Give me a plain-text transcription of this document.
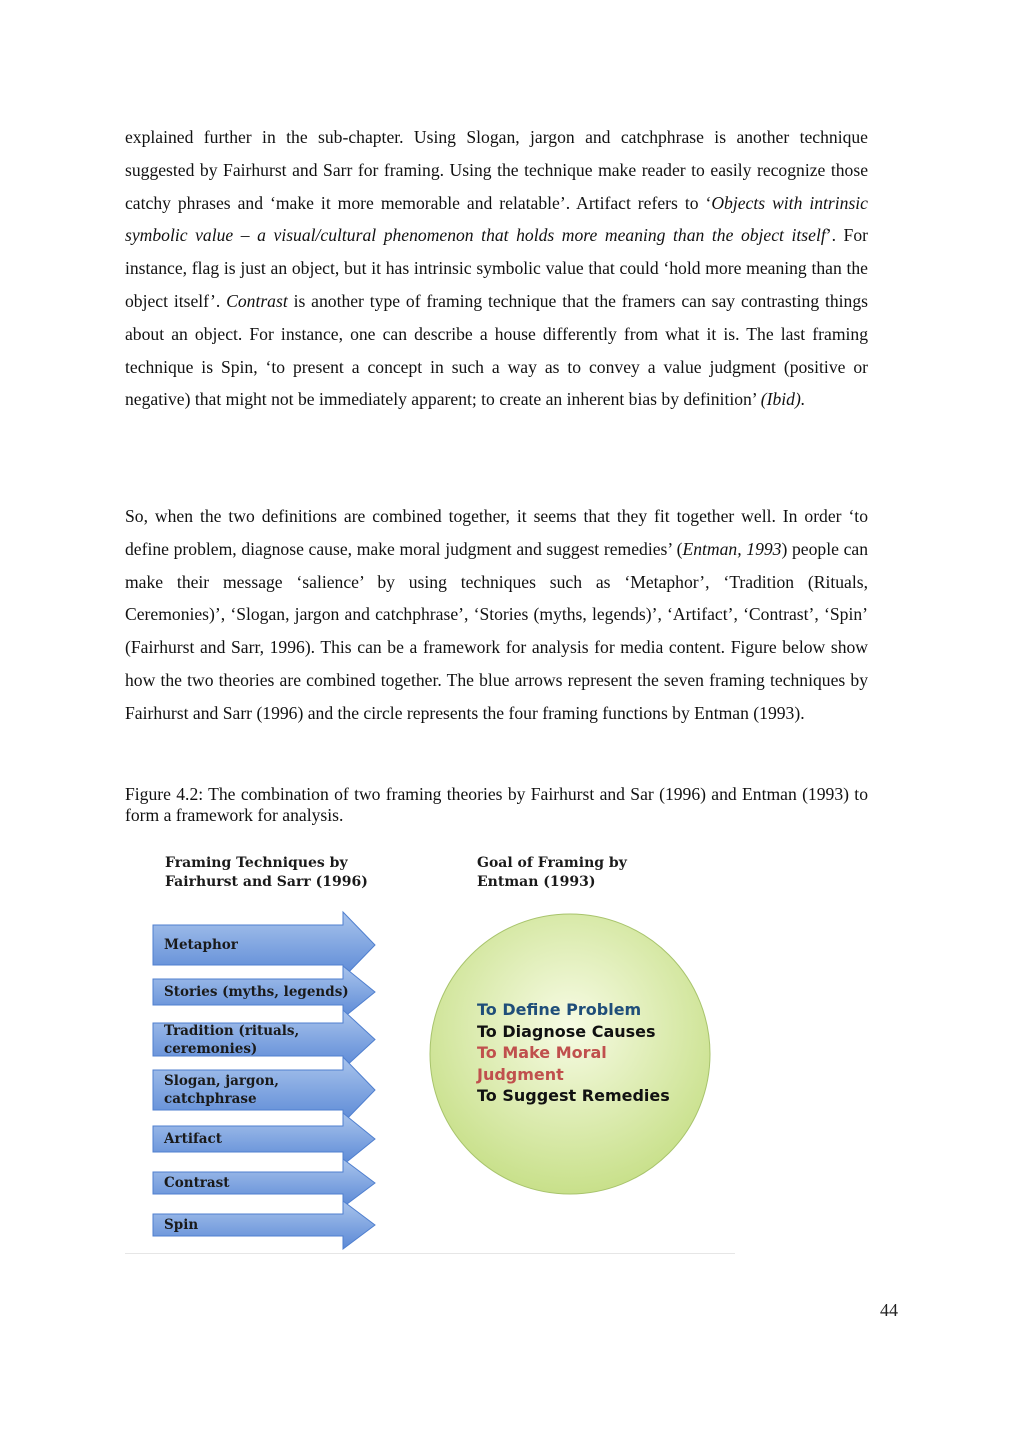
explained further in the sub-chapter. Using Slogan, jargon and catchphrase is another technique suggested by Fairhurst and Sarr for framing. Using the technique make reader to easily recognize those catchy phrases and ‘make it more memorable and relatable’. Artifact refers to ‘Objects with intrinsic symbolic value – a visual/cultural phenomenon that holds more meaning than the object itself’. For instance, flag is just an object, but it has intrinsic symbolic value that could ‘hold more meaning than the object itself’. Contrast is another type of framing technique that the framers can say contrasting things about an object. For instance, one can describe a house differently from what it is. The last framing technique is Spin, ‘to present a concept in such a way as to convey a value judgment (positive or negative) that might not be immediately apparent; to create an inherent bias by definition’ (Ibid).

So, when the two definitions are combined together, it seems that they fit together well. In order ‘to define problem, diagnose cause, make moral judgment and suggest remedies’ (Entman, 1993) people can make their message ‘salience’ by using techniques such as ‘Metaphor’, ‘Tradition (Rituals, Ceremonies)’, ‘Slogan, jargon and catchphrase’, ‘Stories (myths, legends)’, ‘Artifact’, ‘Contrast’, ‘Spin’ (Fairhurst and Sarr, 1996). This can be a framework for analysis for media content. Figure below show how the two theories are combined together. The blue arrows represent the seven framing techniques by Fairhurst and Sarr (1996) and the circle represents the four framing functions by Entman (1993).

Figure 4.2: The combination of two framing theories by Fairhurst and Sar (1996) and Entman (1993) to form a framework for analysis.

Framing Techniques by
Fairhurst and Sarr (1996)
Goal of Framing by
Entman (1993)
Metaphor
Stories (myths, legends)
Tradition (rituals,
ceremonies)
Slogan, jargon,
catchphrase
Artifact
Contrast
Spin
To Define Problem
To Diagnose Causes
To Make Moral
Judgment
To Suggest Remedies
44
